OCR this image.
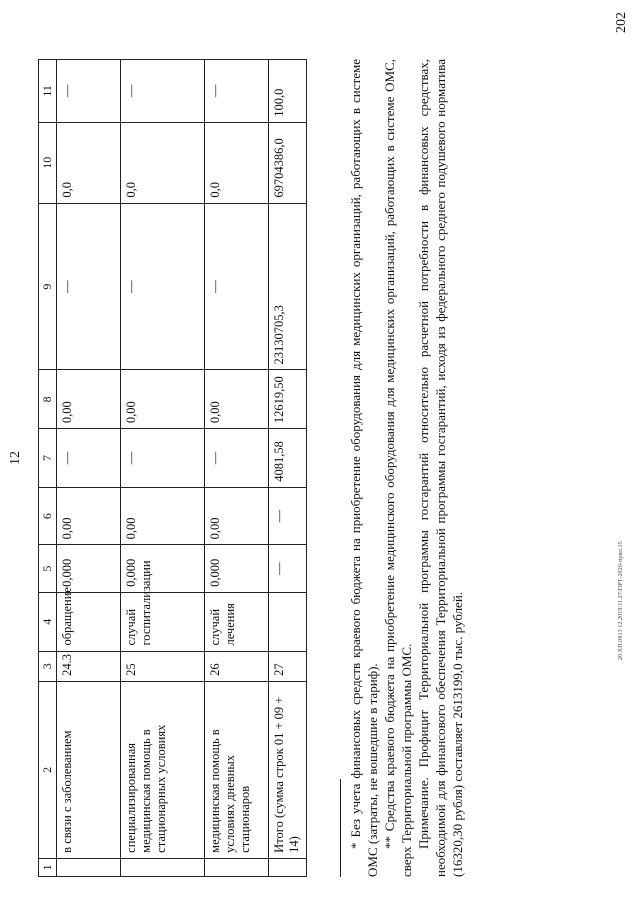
12
1	2	3	4	5	6	7	8	9	10	11
	в связи с заболеванием	24.3	обращение	0,000	0,00	—	0,00	—	0,0	—
	специализированная медицинская помощь в стационарных условиях	25	случай госпитализации	0,000	0,00	—	0,00	—	0,0	—
	медицинская помощь в условиях дневных стационаров	26	случай лечения	0,000	0,00	—	0,00	—	0,0	—
	Итого (сумма строк 01 + 09 + 14)	27		—	—	4081,58	12619,50	23130705,3	69704386,0	100,0	* Без учета финансовых средств краевого бюджета на приобретение оборудования для медицинских организаций, работающих в системе ОМС (затраты, не вошедшие в тариф). ** Средства краевого бюджета на приобретение медицинского оборудования для медицинских организаций, работающих в системе ОМС, сверх Территориальной программы ОМС. Примечание. Профицит Территориальной программы госгарантий относительно расчетной потребности в финансовых средствах, необходимой для финансового обеспечения Территориальной программы госгарантий, исходя из федерального среднего подушевого норматива (16320,30 рубля) составляет 2613199,0 тыс. рублей.	20.ХП.0813 12.2019/11.27/ПРТ-2020-прил.15
202
